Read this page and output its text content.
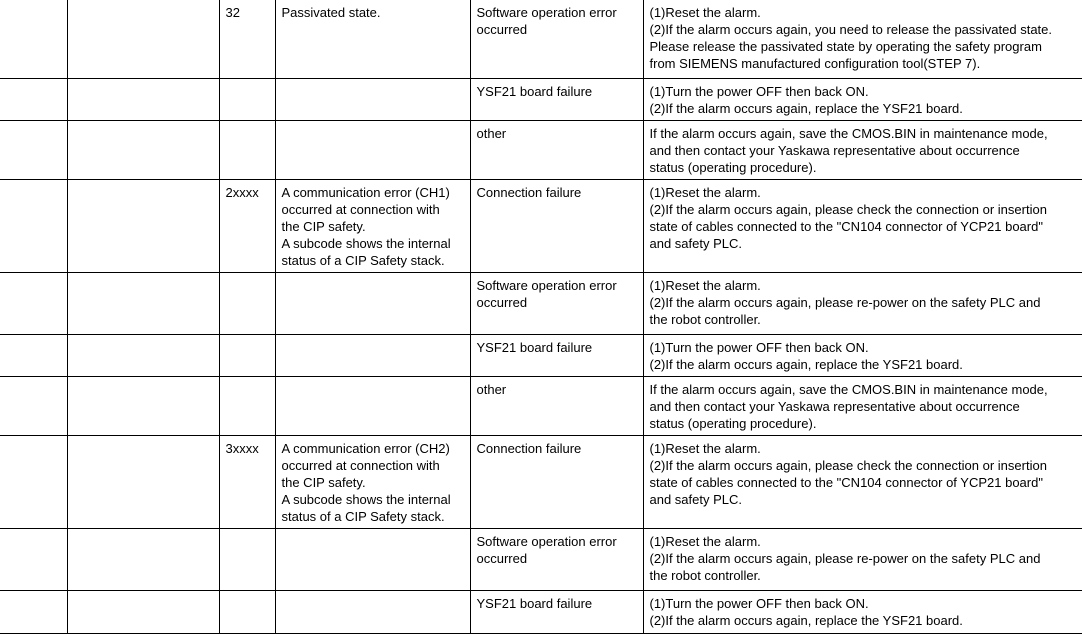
		32	Passivated state.	Software operation error
occurred	(1)Reset the alarm.
(2)If the alarm occurs again, you need to release the passivated state.
Please release the passivated state by operating the safety program
from SIEMENS manufactured configuration tool(STEP 7).

				YSF21 board failure	(1)Turn the power OFF then back ON.
(2)If the alarm occurs again, replace the YSF21 board.

				other	If the alarm occurs again, save the CMOS.BIN in maintenance mode,
and then contact your Yaskawa representative about occurrence
status (operating procedure).

		2xxxx	A communication error (CH1)
occurred at connection with
the CIP safety.
A subcode shows the internal
status of a CIP Safety stack.	Connection failure	(1)Reset the alarm.
(2)If the alarm occurs again, please check the connection or insertion
state of cables connected to the "CN104 connector of YCP21 board"
and safety PLC.

				Software operation error
occurred	(1)Reset the alarm.
(2)If the alarm occurs again, please re-power on the safety PLC and
the robot controller.

				YSF21 board failure	(1)Turn the power OFF then back ON.
(2)If the alarm occurs again, replace the YSF21 board.

				other	If the alarm occurs again, save the CMOS.BIN in maintenance mode,
and then contact your Yaskawa representative about occurrence
status (operating procedure).

		3xxxx	A communication error (CH2)
occurred at connection with
the CIP safety.
A subcode shows the internal
status of a CIP Safety stack.	Connection failure	(1)Reset the alarm.
(2)If the alarm occurs again, please check the connection or insertion
state of cables connected to the "CN104 connector of YCP21 board"
and safety PLC.

				Software operation error
occurred	(1)Reset the alarm.
(2)If the alarm occurs again, please re-power on the safety PLC and
the robot controller.

				YSF21 board failure	(1)Turn the power OFF then back ON.
(2)If the alarm occurs again, replace the YSF21 board.
